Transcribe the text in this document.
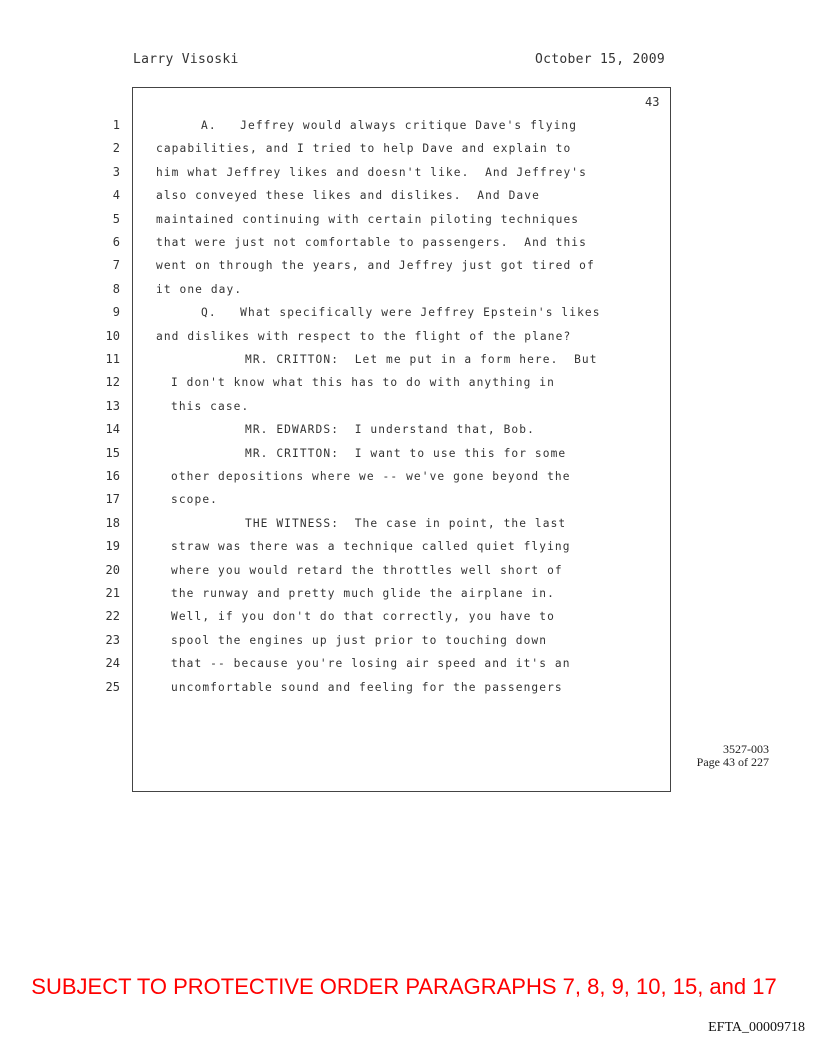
Larry Visoski	October 15, 2009
43
1	A.   Jeffrey would always critique Dave's flying
2	capabilities, and I tried to help Dave and explain to
3	him what Jeffrey likes and doesn't like.  And Jeffrey's
4	also conveyed these likes and dislikes.  And Dave
5	maintained continuing with certain piloting techniques
6	that were just not comfortable to passengers.  And this
7	went on through the years, and Jeffrey just got tired of
8	it one day.
9	Q.   What specifically were Jeffrey Epstein's likes
10	and dislikes with respect to the flight of the plane?
11	MR. CRITTON:  Let me put in a form here.  But
12	I don't know what this has to do with anything in
13	this case.
14	MR. EDWARDS:  I understand that, Bob.
15	MR. CRITTON:  I want to use this for some
16	other depositions where we -- we've gone beyond the
17	scope.
18	THE WITNESS:  The case in point, the last
19	straw was there was a technique called quiet flying
20	where you would retard the throttles well short of
21	the runway and pretty much glide the airplane in.
22	Well, if you don't do that correctly, you have to
23	spool the engines up just prior to touching down
24	that -- because you're losing air speed and it's an
25	uncomfortable sound and feeling for the passengers
3527-003
Page 43 of 227
SUBJECT TO PROTECTIVE ORDER PARAGRAPHS 7, 8, 9, 10, 15, and 17
EFTA_00009718
